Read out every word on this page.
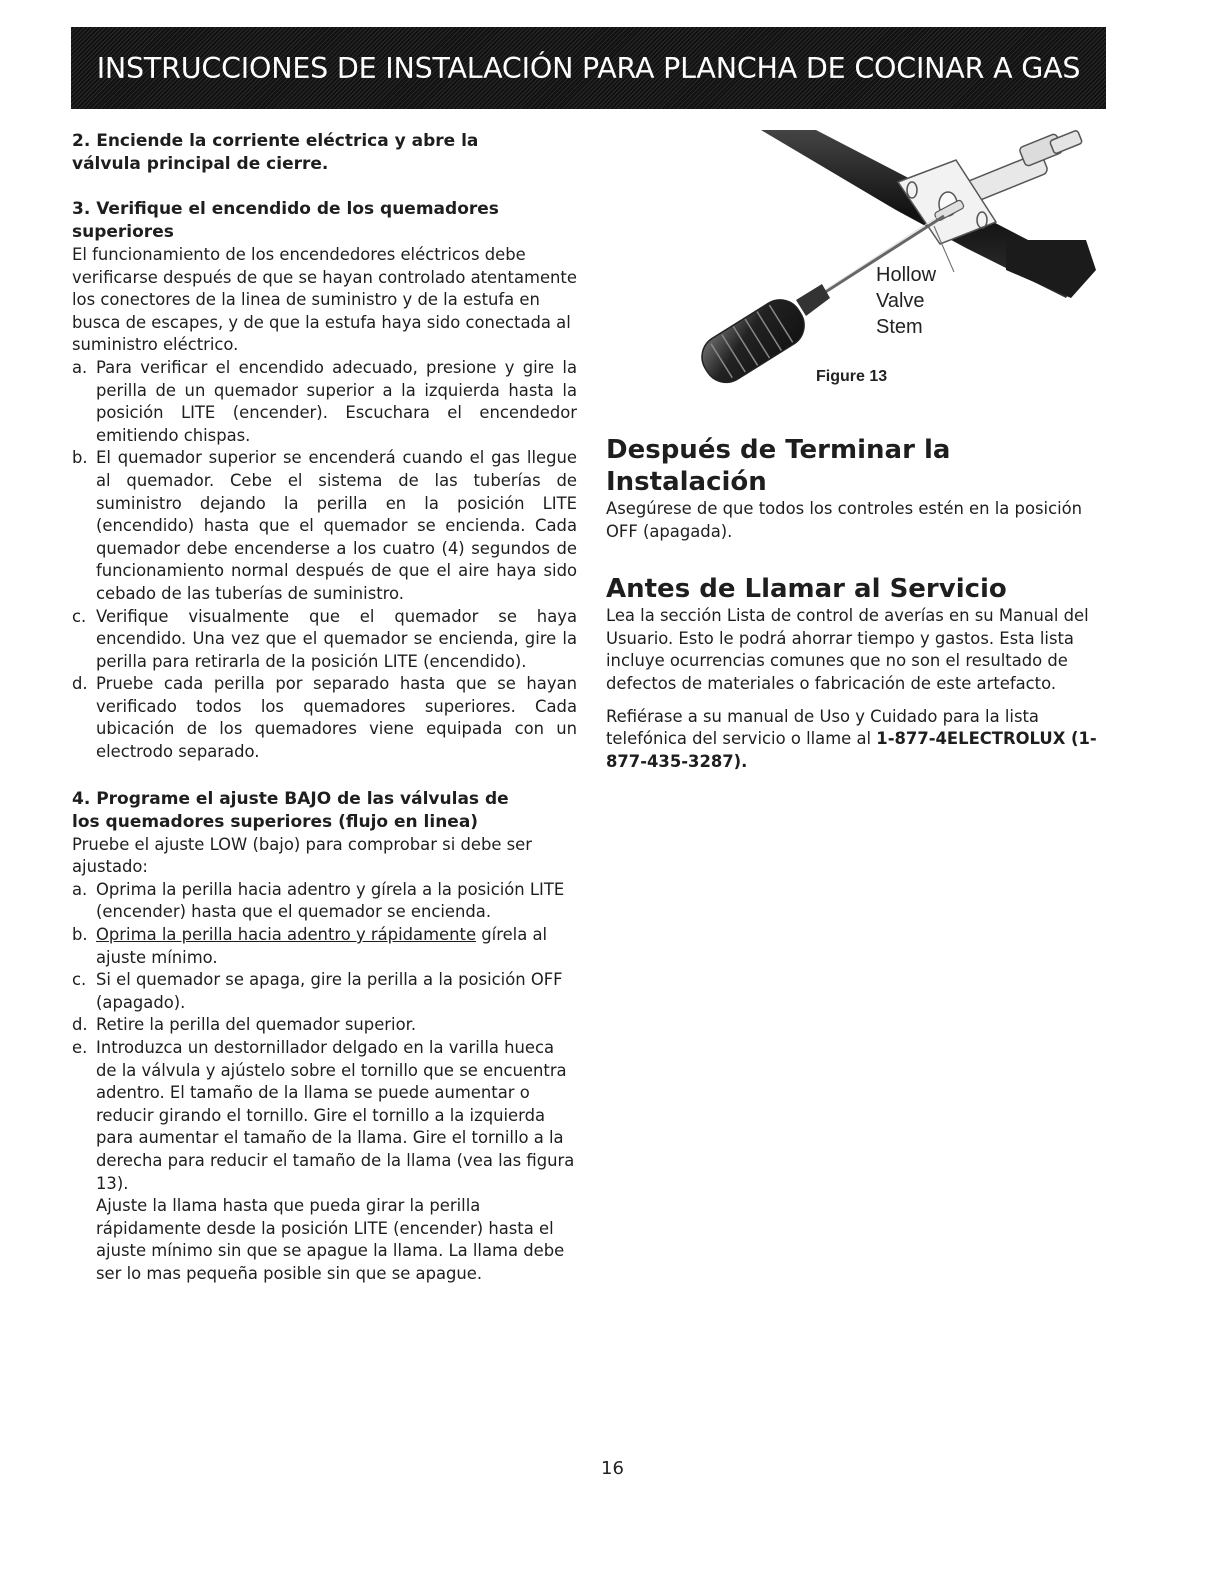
INSTRUCCIONES DE INSTALACIÓN PARA PLANCHA DE COCINAR A GAS

2. Enciende la corriente eléctrica y abre la válvula principal de cierre.

3. Verifique el encendido de los quemadores superiores

El funcionamiento de los encendedores eléctricos debe verificarse después de que se hayan controlado atentamente los conectores de la linea de suministro y de la estufa en busca de escapes, y de que la estufa haya sido conectada al suministro eléctrico.

a. Para verificar el encendido adecuado, presione y gire la perilla de un quemador superior a la izquierda hasta la posición LITE (encender). Escuchara el encendedor emitiendo chispas.
b. El quemador superior se encenderá cuando el gas llegue al quemador. Cebe el sistema de las tuberías de suministro dejando la perilla en la posición LITE (encendido) hasta que el quemador se encienda. Cada quemador debe encenderse a los cuatro (4) segundos de funcionamiento normal después de que el aire haya sido cebado de las tuberías de suministro.
c. Verifique visualmente que el quemador se haya encendido. Una vez que el quemador se encienda, gire la perilla para retirarla de la posición LITE (encendido).
d. Pruebe cada perilla por separado hasta que se hayan verificado todos los quemadores superiores. Cada ubicación de los quemadores viene equipada con un electrodo separado.

4. Programe el ajuste BAJO de las válvulas de los quemadores superiores (flujo en linea)

Pruebe el ajuste LOW (bajo) para comprobar si debe ser ajustado:

a. Oprima la perilla hacia adentro y gírela a la posición LITE (encender) hasta que el quemador se encienda.
b. Oprima la perilla hacia adentro y rápidamente gírela al ajuste mínimo.
c. Si el quemador se apaga, gire la perilla a la posición OFF (apagado).
d. Retire la perilla del quemador superior.
e. Introduzca un destornillador delgado en la varilla hueca de la válvula y ajústelo sobre el tornillo que se encuentra adentro. El tamaño de la llama se puede aumentar o reducir girando el tornillo. Gire el tornillo a la izquierda para aumentar el tamaño de la llama. Gire el tornillo a la derecha para reducir el tamaño de la llama (vea las figura 13).
Ajuste la llama hasta que pueda girar la perilla rápidamente desde la posición LITE (encender) hasta el ajuste mínimo sin que se apague la llama. La llama debe ser lo mas pequeña posible sin que se apague.
Hollow
Valve
Stem
Figure 13
Después de Terminar la Instalación

Asegúrese de que todos los controles estén en la posición OFF (apagada).

Antes de Llamar al Servicio

Lea la sección Lista de control de averías en su Manual del Usuario. Esto le podrá ahorrar tiempo y gastos. Esta lista incluye ocurrencias comunes que no son el resultado de defectos de materiales o fabricación de este artefacto.

Refiérase a su manual de Uso y Cuidado para la lista telefónica del servicio o llame al 1-877-4ELECTROLUX (1-877-435-3287).

16
